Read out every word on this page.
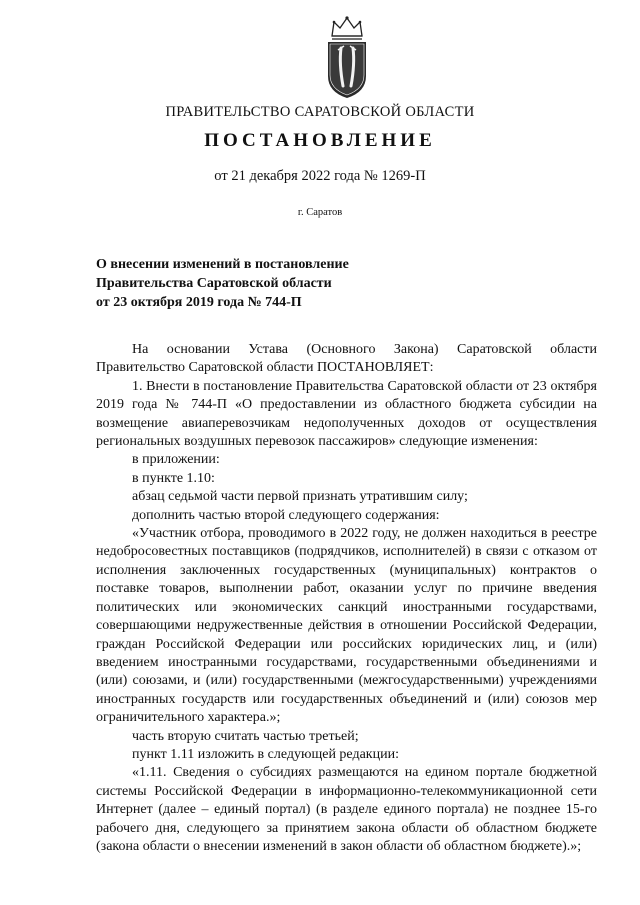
ПРАВИТЕЛЬСТВО САРАТОВСКОЙ ОБЛАСТИ
ПОСТАНОВЛЕНИЕ
от 21 декабря 2022 года № 1269-П
г. Саратов
О внесении изменений в постановление
Правительства Саратовской области
от 23 октября 2019 года № 744-П

На основании Устава (Основного Закона) Саратовской области Правительство Саратовской области ПОСТАНОВЛЯЕТ:

1. Внести в постановление Правительства Саратовской области от 23 октября 2019 года № 744-П «О предоставлении из областного бюджета субсидии на возмещение авиаперевозчикам недополученных доходов от осуществления региональных воздушных перевозок пассажиров» следующие изменения:

в приложении:

в пункте 1.10:

абзац седьмой части первой признать утратившим силу;

дополнить частью второй следующего содержания:

«Участник отбора, проводимого в 2022 году, не должен находиться в реестре недобросовестных поставщиков (подрядчиков, исполнителей) в связи с отказом от исполнения заключенных государственных (муниципальных) контрактов о поставке товаров, выполнении работ, оказании услуг по причине введения политических или экономических санкций иностранными государствами, совершающими недружественные действия в отношении Российской Федерации, граждан Российской Федерации или российских юридических лиц, и (или) введением иностранными государствами, государственными объединениями и (или) союзами, и (или) государственными (межгосударственными) учреждениями иностранных государств или государственных объединений и (или) союзов мер ограничительного характера.»;

часть вторую считать частью третьей;

пункт 1.11 изложить в следующей редакции:

«1.11. Сведения о субсидиях размещаются на едином портале бюджетной системы Российской Федерации в информационно-телекоммуникационной сети Интернет (далее – единый портал) (в разделе единого портала) не позднее 15-го рабочего дня, следующего за принятием закона области об областном бюджете (закона области о внесении изменений в закон области об областном бюджете).»;
